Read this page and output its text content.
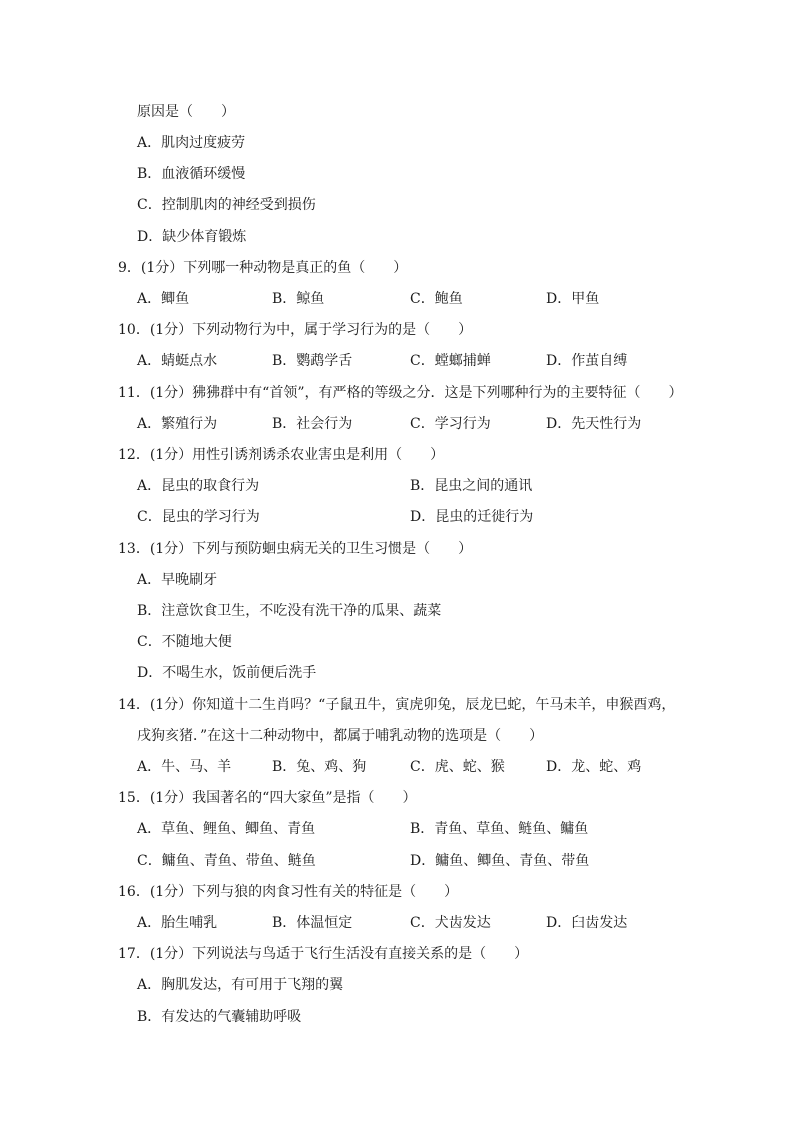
原因是（　　）
A．肌肉过度疲劳
B．血液循环缓慢
C．控制肌肉的神经受到损伤
D．缺少体育锻炼
9．(1分）下列哪一种动物是真正的鱼（　　）
A．鲫鱼	B．鲸鱼	C．鲍鱼	D．甲鱼
10．(1分）下列动物行为中，属于学习行为的是（　　）
A．蜻蜓点水	B．鹦鹉学舌	C．螳螂捕蝉	D．作茧自缚
11．(1分）狒狒群中有“首领”，有严格的等级之分．这是下列哪种行为的主要特征（　　）
A．繁殖行为	B．社会行为	C．学习行为	D．先天性行为
12．(1分）用性引诱剂诱杀农业害虫是利用（　　）
A．昆虫的取食行为	B．昆虫之间的通讯
C．昆虫的学习行为	D．昆虫的迁徙行为
13．(1分）下列与预防蛔虫病无关的卫生习惯是（　　）
A．早晚刷牙
B．注意饮食卫生，不吃没有洗干净的瓜果、蔬菜
C．不随地大便
D．不喝生水，饭前便后洗手
14．(1分）你知道十二生肖吗？“子鼠丑牛，寅虎卯兔，辰龙巳蛇，午马未羊，申猴酉鸡，
戌狗亥猪．”在这十二种动物中，都属于哺乳动物的选项是（　　）
A．牛、马、羊	B．兔、鸡、狗	C．虎、蛇、猴	D．龙、蛇、鸡
15．(1分）我国著名的“四大家鱼”是指（　　）
A．草鱼、鲤鱼、鲫鱼、青鱼	B．青鱼、草鱼、鲢鱼、鳙鱼
C．鳙鱼、青鱼、带鱼、鲢鱼	D．鳙鱼、鲫鱼、青鱼、带鱼
16．(1分）下列与狼的肉食习性有关的特征是（　　）
A．胎生哺乳	B．体温恒定	C．犬齿发达	D．臼齿发达
17．(1分）下列说法与鸟适于飞行生活没有直接关系的是（　　）
A．胸肌发达，有可用于飞翔的翼
B．有发达的气囊辅助呼吸
